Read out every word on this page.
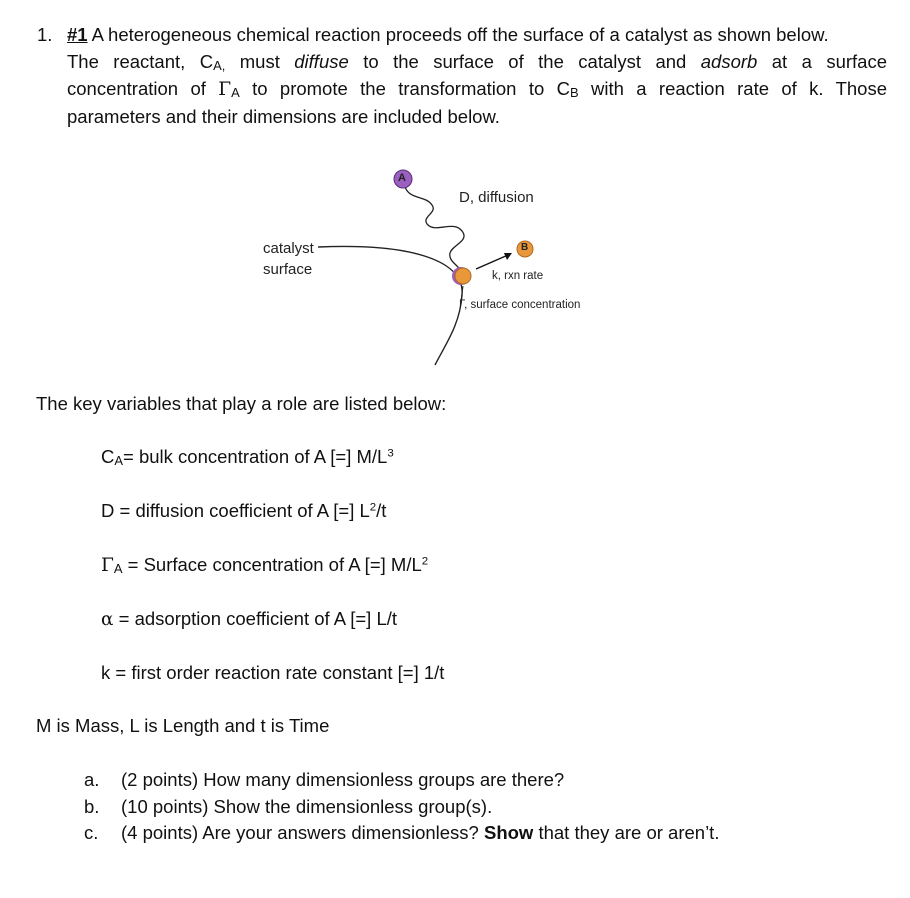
1. #1 A heterogeneous chemical reaction proceeds off the surface of a catalyst as shown below.
The reactant, $C_{A,}$ must diffuse to the surface of the catalyst and adsorb at a surface
concentration of $\Gamma_A$ to promote the transformation to $C_B$ with a reaction rate of k. Those
parameters and their dimensions are included below.
A
B
D, diffusion
catalyst
surface	k, rxn rate
Γ, surface concentration
The key variables that play a role are listed below:
$C_A=$ bulk concentration of A [=] $M/L^3$
D = diffusion coefficient of A [=] $L^2/t$
$\Gamma_A$ = Surface concentration of A [=] $M/L^2$
α = adsorption coefficient of A [=] L/t
k = first order reaction rate constant [=] 1/t
M is Mass, L is Length and t is Time
a. (2 points) How many dimensionless groups are there?
b. (10 points) Show the dimensionless group(s).
c. (4 points) Are your answers dimensionless? Show that they are or aren’t.
